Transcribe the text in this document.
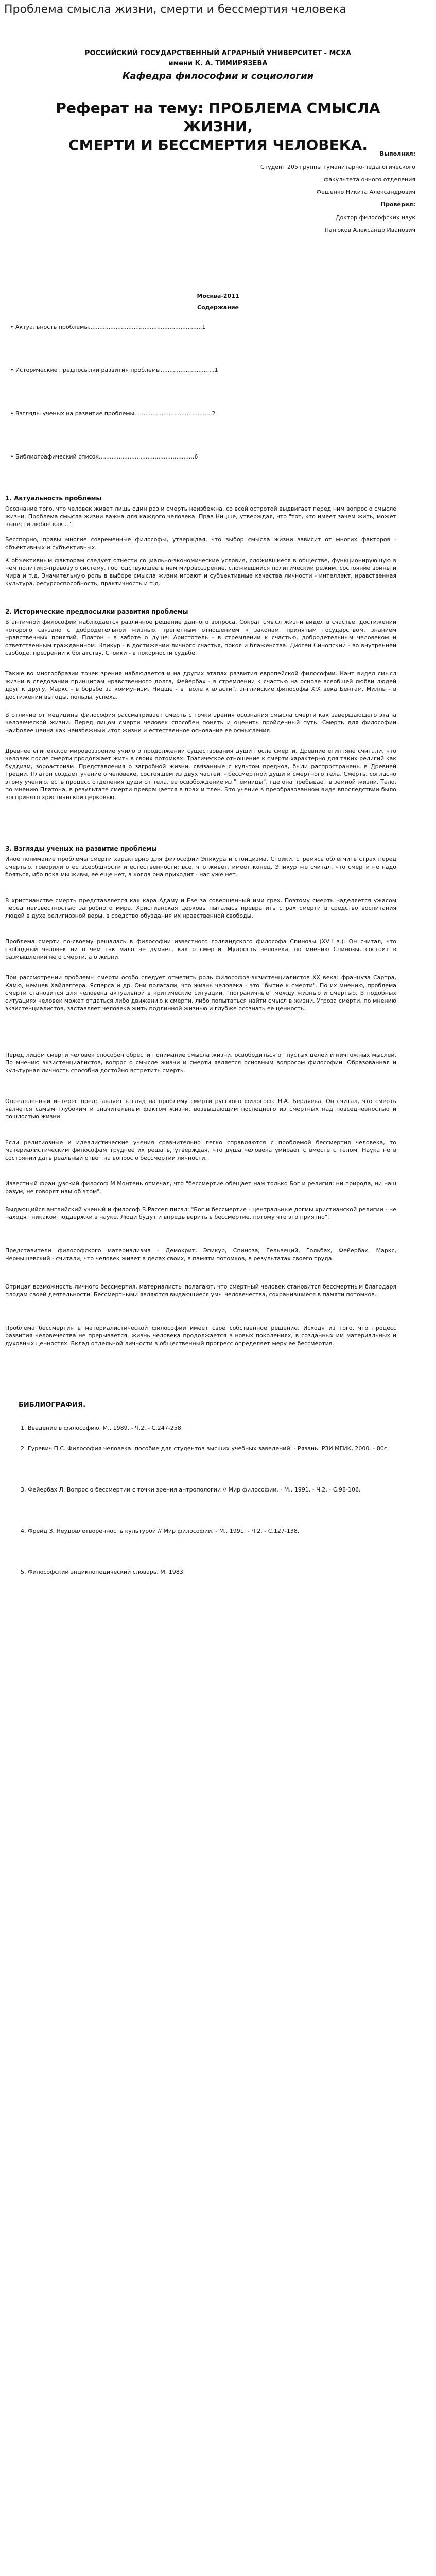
Проблема смысла жизни, смерти и бессмертия человека
РОССИЙСКИЙ ГОСУДАРСТВЕННЫЙ АГРАРНЫЙ УНИВЕРСИТЕТ - МСХА
имени К. А. ТИМИРЯЗЕВА
Кафедра философии и социологии
Реферат на тему: ПРОБЛЕМА СМЫСЛА
ЖИЗНИ,
СМЕРТИ И БЕССМЕРТИЯ ЧЕЛОВЕКА.
Выполнил:
Студент 205 группы гуманитарно-педагогического
факультета очного отделения
Фешенко Никита Александрович
Проверил:
Доктор философских наук
Панюков Александр Иванович
Москва-2011
Содержание
• Актуальность проблемы...............................................................1
• Исторические предпосылки развития проблемы..............................1
• Взгляды ученых на развитие проблемы...........................................2
• Библиографический список.....................................................6
1. Актуальность проблемы
Осознание того, что человек живет лишь один раз и смерть неизбежна, со всей остротой выдвигает перед ним вопрос о смысле жизни. Проблема смысла жизни важна для каждого человека. Прав Ницше, утверждая, что "тот, кто имеет зачем жить, может вынести любое как...".
Бесспорно, правы многие современные философы, утверждая, что выбор смысла жизни зависит от многих факторов - объективных и субъективных.
К объективным факторам следует отнести социально-экономические условия, сложившиеся в обществе, функционирующую в нем политико-правовую систему, господствующее в нем мировоззрение, сложившийся политический режим, состояние войны и мира и т.д. Значительную роль в выборе смысла жизни играют и субъективные качества личности - интеллект, нравственная культура, ресурсоспособность, практичность и т.д.
2. Исторические предпосылки развития проблемы
В античной философии наблюдается различное решение данного вопроса. Сократ смысл жизни видел в счастье, достижении которого связано с добродетельной жизнью, трепетным отношением к законам, принятым государством, знанием нравственных понятий. Платон - в заботе о душе. Аристотель - в стремлении к счастью, добродетельным человеком и ответственным гражданином. Эпикур - в достижении личного счастья, покоя и блаженства. Диоген Синопский - во внутренней свободе, презрении к богатству. Стоики - в покорности судьбе.
Также во многообразии точек зрения наблюдается и на других этапах развития европейской философии. Кант видел смысл жизни в следовании принципам нравственного долга, Фейербах - в стремлении к счастью на основе всеобщей любви людей друг к другу, Маркс - в борьбе за коммунизм, Ницше - в "воле к власти", английские философы XIX века Бентам, Милль - в достижении выгоды, пользы, успеха.
В отличие от медицины философия рассматривает смерть с точки зрения осознания смысла смерти как завершающего этапа человеческой жизни. Перед лицом смерти человек способен понять и оценить пройденный путь. Смерть для философии наиболее ценна как неизбежный итог жизни и естественное основание ее осмысления.
Древнее египетское мировоззрение учило о продолжении существования души после смерти. Древние египтяне считали, что человек после смерти продолжает жить в своих потомках. Трагическое отношение к смерти характерно для таких религий как буддизм, зороастризм. Представления о загробной жизни, связанные с культом предков, были распространены в Древней Греции. Платон создает учение о человеке, состоящем из двух частей, - бессмертной души и смертного тела. Смерть, согласно этому учению, есть процесс отделения души от тела, ее освобождение из "темницы", где она пребывает в земной жизни. Тело, по мнению Платона, в результате смерти превращается в прах и тлен. Это учение в преобразованном виде впоследствии было воспринято христианской церковью.
3. Взгляды ученых на развитие проблемы
Иное понимание проблемы смерти характерно для философии Эпикура и стоицизма. Стоики, стремясь облегчить страх перед смертью, говорили о ее всеобщности и естественности: все, что живет, имеет конец. Эпикур же считал, что смерти не надо бояться, ибо пока мы живы, ее еще нет, а когда она приходит - нас уже нет.
В христианстве смерть представляется как кара Адаму и Еве за совершенный ими грех. Поэтому смерть наделяется ужасом перед неизвестностью загробного мира. Христианская церковь пыталась превратить страх смерти в средство воспитания людей в духе религиозной веры, в средство обуздания их нравственной свободы.
Проблема смерти по-своему решалась в философии известного голландского философа Спинозы (XVII в.). Он считал, что свободный человек ни о чем так мало не думает, как о смерти. Мудрость человека, по мнению Спинозы, состоит в размышлении не о смерти, а о жизни.
При рассмотрении проблемы смерти особо следует отметить роль философов-экзистенциалистов XX века: француза Сартра, Камю, немцев Хайдеггера, Ясперса и др. Они полагали, что жизнь человека - это "бытие к смерти". По их мнению, проблема смерти становится для человека актуальной в критические ситуации, "пограничные" между жизнью и смертью. В подобных ситуациях человек может отдаться либо движению к смерти, либо попытаться найти смысл в жизни. Угроза смерти, по мнению экзистенциалистов, заставляет человека жить подлинной жизнью и глубже осознать ее ценность.
Перед лицом смерти человек способен обрести понимание смысла жизни, освободиться от пустых целей и ничтожных мыслей. По мнению экзистенциалистов, вопрос о смысле жизни и смерти является основным вопросом философии. Образованная и культурная личность способна достойно встретить смерть.
Определенный интерес представляет взгляд на проблему смерти русского философа Н.А. Бердяева. Он считал, что смерть является самым глубоким и значительным фактом жизни, возвышающим последнего из смертных над повседневностью и пошлостью жизни.
Если религиозные и идеалистические учения сравнительно легко справляются с проблемой бессмертия человека, то материалистическим философам труднее их решать, утверждая, что душа человека умирает с вместе с телом. Наука не в состоянии дать реальный ответ на вопрос о бессмертии личности.
Известный французский философ М.Монтень отмечал, что "бессмертие обещает нам только Бог и религия; ни природа, ни наш разум, не говорят нам об этом".
Выдающийся английский ученый и философ Б.Рассел писал: "Бог и бессмертие - центральные догмы христианской религии - не находят никакой поддержки в науке. Люди будут и впредь верить в бессмертие, потому что это приятно".
Представители философского материализма - Демокрит, Эпикур, Спиноза, Гельвеций, Гольбах, Фейербах, Маркс, Чернышевский - считали, что человек живет в делах своих, в памяти потомков, в результатах своего труда.
Отрицая возможность личного бессмертия, материалисты полагают, что смертный человек становится бессмертным благодаря плодам своей деятельности. Бессмертными являются выдающиеся умы человечества, сохранившиеся в памяти потомков.
Проблема бессмертия в материалистической философии имеет свое собственное решение. Исходя из того, что процесс развития человечества не прерывается, жизнь человека продолжается в новых поколениях, в созданных им материальных и духовных ценностях. Вклад отдельной личности в общественный прогресс определяет меру ее бессмертия.
БИБЛИОГРАФИЯ.
1. Введение в философию, М., 1989. - Ч.2. - С.247-258.
2. Гуревич П.С. Философия человека: пособие для студентов высших учебных заведений. - Рязань: РЗИ МГИК, 2000. - 80с.
3. Фейербах Л. Вопрос о бессмертии с точки зрения антропологии // Мир философии. - М., 1991. - Ч.2. - С.98-106.
4. Фрейд З. Неудовлетворенность культурой // Мир философии. - М., 1991. - Ч.2. - С.127-138.
5. Философский энциклопедический словарь. М, 1983.
